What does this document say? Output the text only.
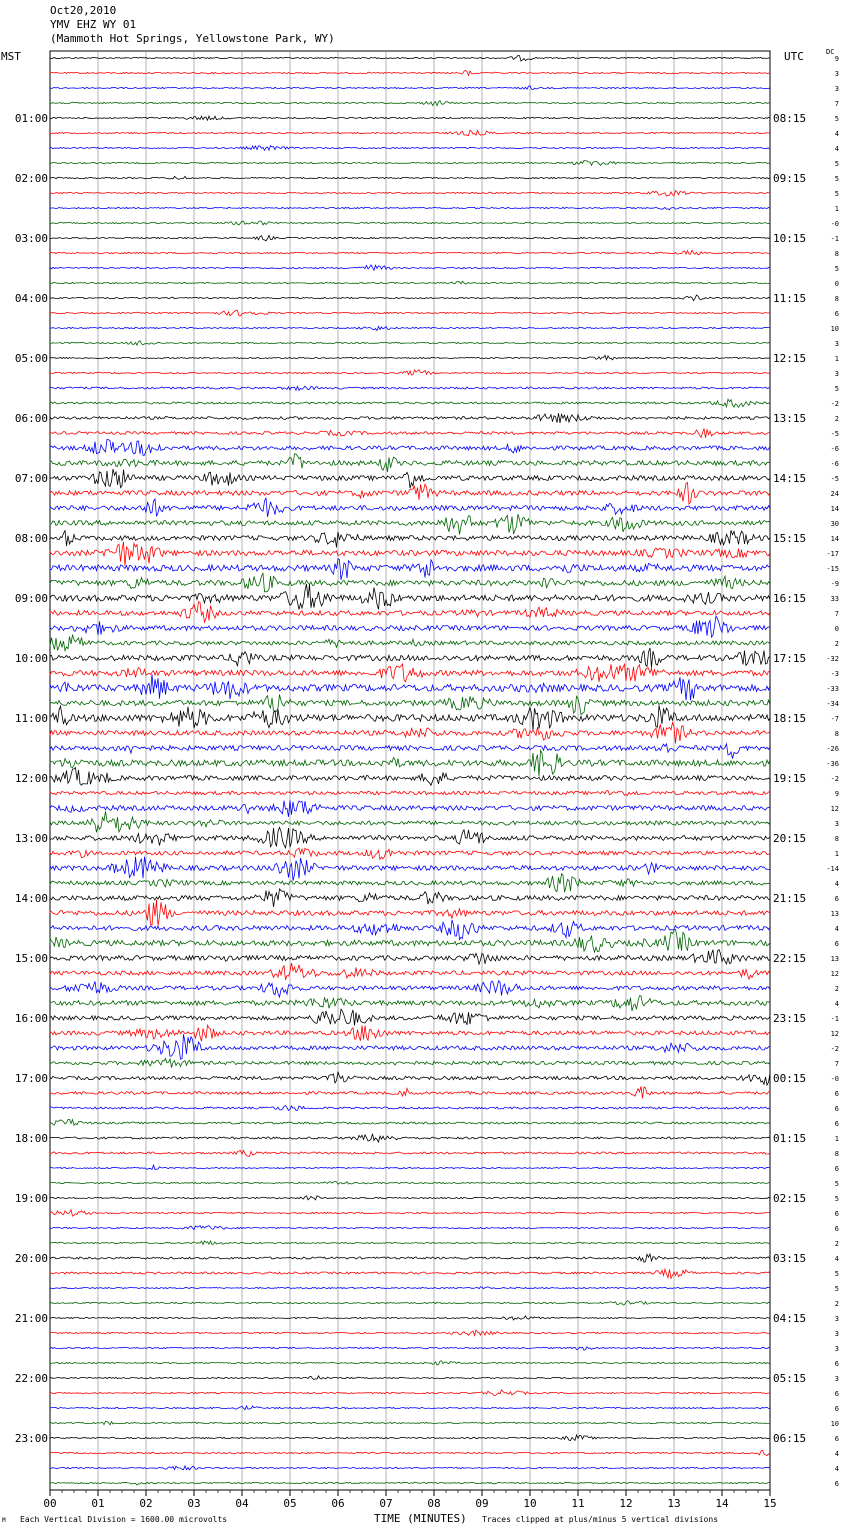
Oct20,2010
YMV EHZ WY 01
(Mammoth Hot Springs, Yellowstone Park, WY)
MST	UTC	DC
9
3
3
7
5
4
4
5
5
5
1
-0
-1
8
5
0
8
6
10
3
1
3
5
-2
2
-5
-6
-6
-5
24
14
30
14
-17
-15
-9
33
7
0
2
-32
-3
-33
-34
-7
8
-26
-36
-2
9
12
3
8
1
-14
4
6
13
4
6
13
12
2
4
-1
12
-2
7
-0
6
6
6
1
8
6
5
5
6
6
2
4
5
5
2
3
3
3
6
3
6
6
10
6
4
4
6
01:00
02:00
03:00
04:00
05:00
06:00
07:00
08:00
09:00
10:00
11:00
12:00
13:00
14:00
15:00
16:00
17:00
18:00
19:00
20:00
21:00
22:00
23:00
08:15
09:15
10:15
11:15
12:15
13:15
14:15
15:15
16:15
17:15
18:15
19:15
20:15
21:15
22:15
23:15
00:15
01:15
02:15
03:15
04:15
05:15
06:15
00	01	02	03	04	05	06	07	08	09	10	11	12	13	14	15
M Each Vertical Division = 1600.00 microvolts	TIME (MINUTES) Traces clipped at plus/minus 5 vertical divisions
